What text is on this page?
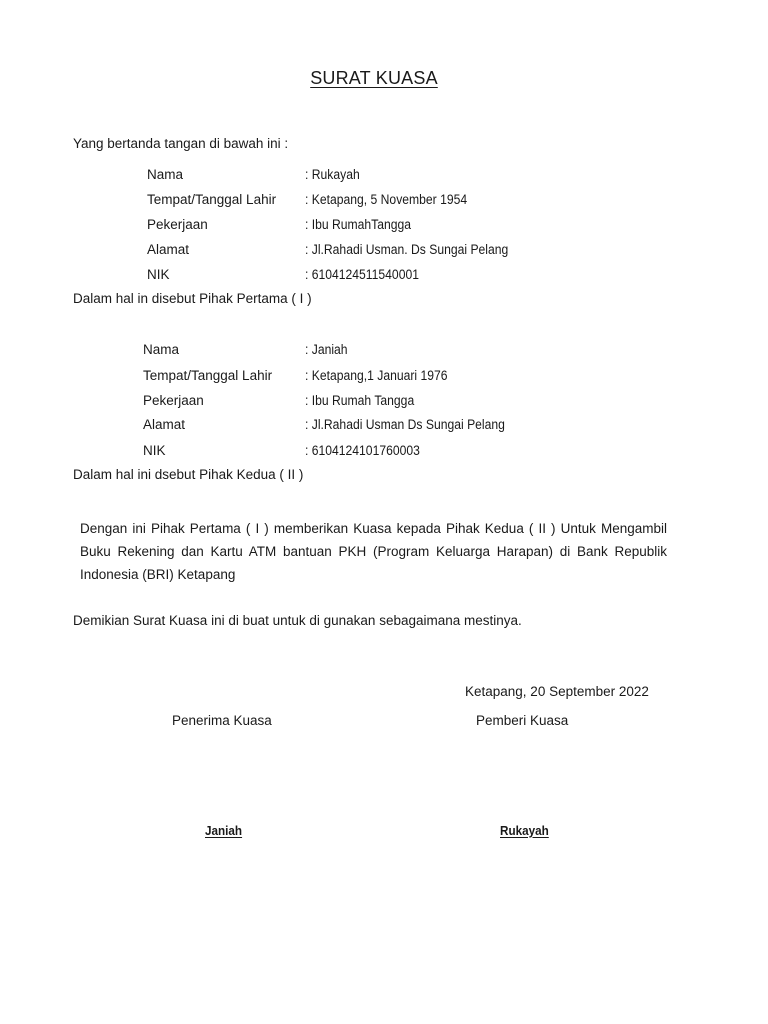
SURAT KUASA
Yang bertanda tangan di bawah ini :
Nama
Tempat/Tanggal Lahir
Pekerjaan
Alamat
NIK
: Rukayah
: Ketapang, 5 November 1954
: Ibu RumahTangga
: Jl.Rahadi Usman. Ds Sungai Pelang
: 6104124511540001
Dalam hal in disebut Pihak Pertama ( I )
Nama
Tempat/Tanggal Lahir
Pekerjaan
Alamat
NIK
: Janiah
: Ketapang,1 Januari 1976
: Ibu Rumah Tangga
: Jl.Rahadi Usman Ds Sungai Pelang
: 6104124101760003
Dalam hal ini dsebut Pihak Kedua ( II )
Dengan ini Pihak Pertama ( I ) memberikan Kuasa kepada Pihak Kedua ( II ) Untuk Mengambil Buku Rekening dan Kartu ATM bantuan PKH (Program Keluarga Harapan) di Bank Republik Indonesia (BRI) Ketapang
Demikian Surat Kuasa ini di buat untuk di gunakan sebagaimana mestinya.
Ketapang, 20 September 2022
Penerima Kuasa	Pemberi Kuasa
Janiah	Rukayah
